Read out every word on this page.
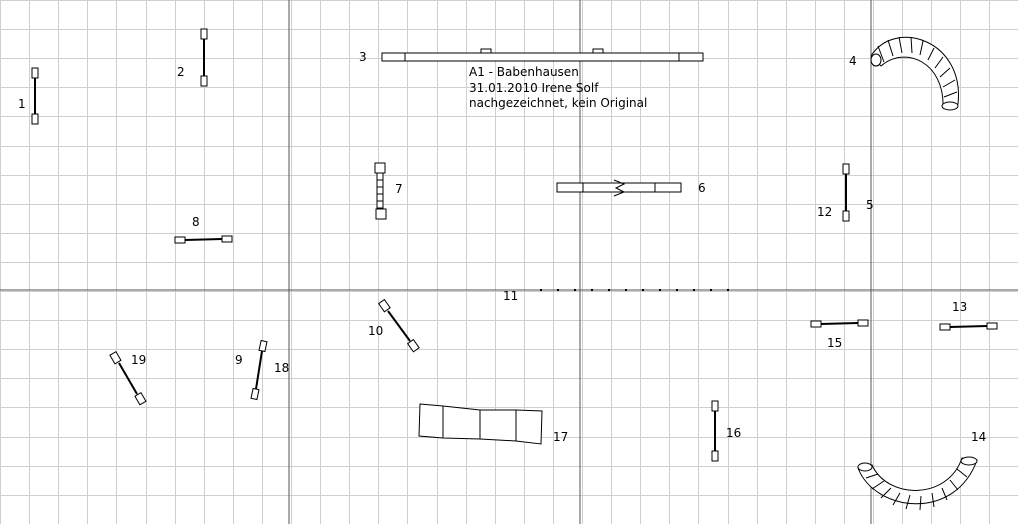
1
2
3
A1 - Babenhausen
31.01.2010 Irene Solf
nachgezeichnet, kein Original
4
5
12
6
7
8
11
10
13
15
19	9
18
17	16	14
